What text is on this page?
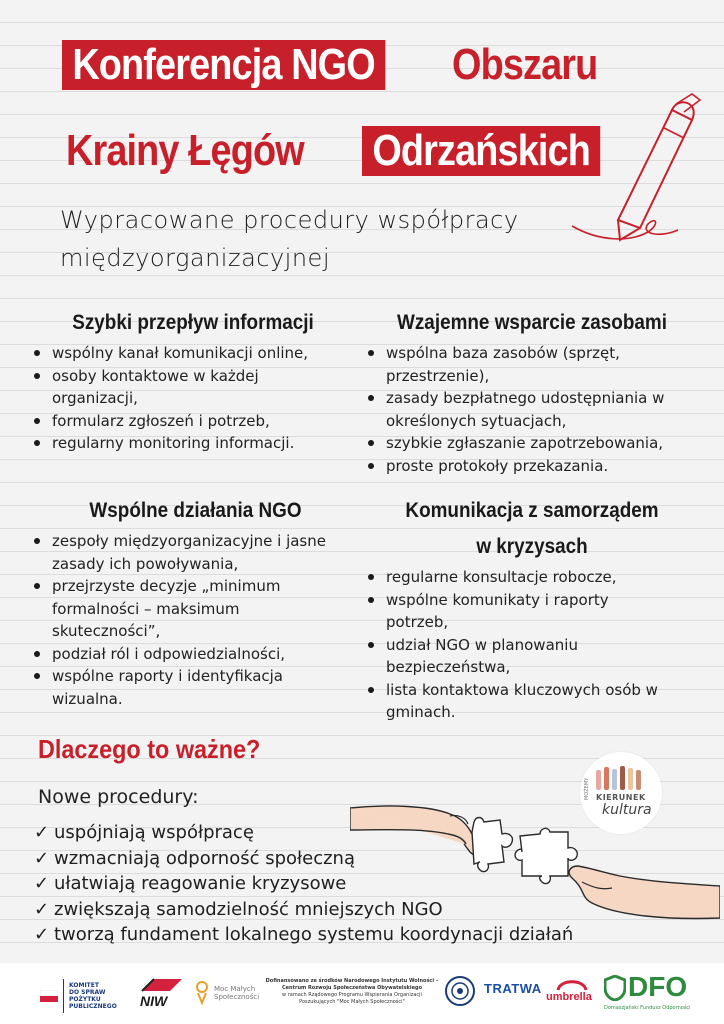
Konferencja NGO Obszaru
Krainy Łęgów Odrzańskich
Wypracowane procedury współpracy
międzyorganizacyjnej
Szybki przepływ informacji
wspólny kanał komunikacji online,
osoby kontaktowe w każdej organizacji,
formularz zgłoszeń i potrzeb,
regularny monitoring informacji.
Wzajemne wsparcie zasobami
wspólna baza zasobów (sprzęt, przestrzenie),
zasady bezpłatnego udostępniania w określonych sytuacjach,
szybkie zgłaszanie zapotrzebowania,
proste protokoły przekazania.
Wspólne działania NGO
zespoły międzyorganizacyjne i jasne zasady ich powoływania,
przejrzyste decyzje „minimum formalności – maksimum skuteczności”,
podział ról i odpowiedzialności,
wspólne raporty i identyfikacja wizualna.
Komunikacja z samorządem
w kryzysach
regularne konsultacje robocze,
wspólne komunikaty i raporty potrzeb,
udział NGO w planowaniu bezpieczeństwa,
lista kontaktowa kluczowych osób w gminach.
Dlaczego to ważne?
Nowe procedury:
✓ uspójniają współpracę
✓ wzmacniają odporność społeczną
✓ ułatwiają reagowanie kryzysowe
✓ zwiększają samodzielność mniejszych NGO
✓ tworzą fundament lokalnego systemu koordynacji działań
KIERUNEK
kultura
MOŻEMY
KOMITET
DO SPRAW
POŻYTKU
PUBLICZNEGO NIW
Moc Małych
Społeczności
Dofinansowano ze środków Narodowego Instytutu Wolności –
Centrum Rozwoju Społeczeństwa Obywatelskiego
w ramach Rządowego Programu Wspierania Organizacji
Poszukujących "Moc Małych Społeczności"
TRATWA
umbrella DFO
Domaszjański Fundusz Odporności
